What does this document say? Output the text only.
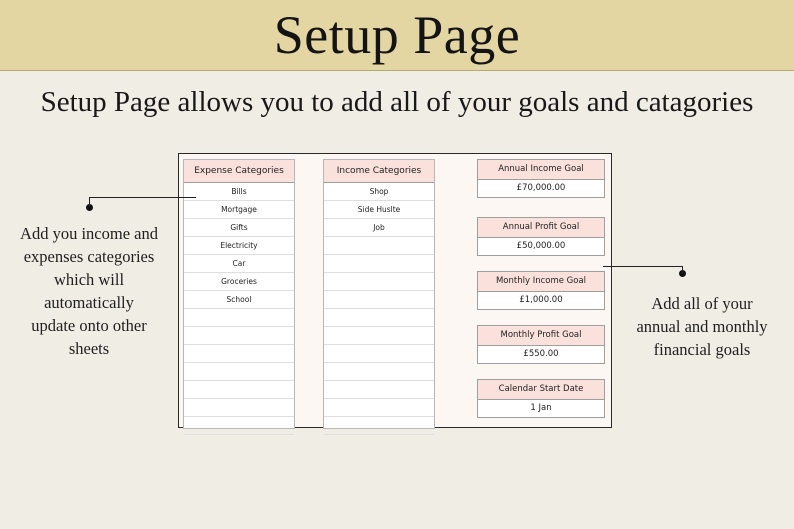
Setup Page
Setup Page allows you to add all of your goals and catagories
Expense Categories
Bills
Mortgage
Gifts
Electricity
Car
Groceries
School
Income Categories
Shop
Side Huslte
Job
Annual Income Goal
£70,000.00
Annual Profit Goal
£50,000.00
Monthly Income Goal
£1,000.00
Monthly Profit Goal
£550.00
Calendar Start Date
1 Jan
Add you income and
expenses categories
which will
automatically
update onto other
sheets
Add all of your
annual and monthly
financial goals
